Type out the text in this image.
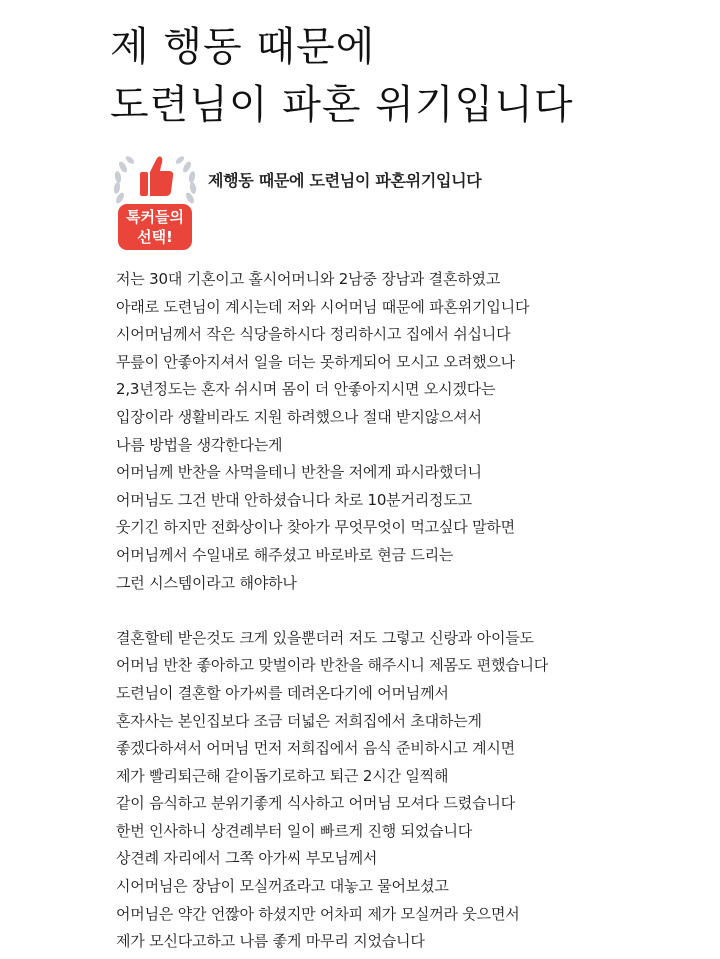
제 행동 때문에
도련님이 파혼 위기입니다
톡커들의
선택!
제행동 때문에 도련님이 파혼위기입니다
저는 30대 기혼이고 홀시어머니와 2남중 장남과 결혼하였고
아래로 도련님이 계시는데 저와 시어머님 때문에 파혼위기입니다
시어머님께서 작은 식당을하시다 정리하시고 집에서 쉬십니다
무릎이 안좋아지셔서 일을 더는 못하게되어 모시고 오려했으나
2,3년정도는 혼자 쉬시며 몸이 더 안좋아지시면 오시겠다는
입장이라 생활비라도 지원 하려했으나 절대 받지않으셔서
나름 방법을 생각한다는게
어머님께 반찬을 사먹을테니 반찬을 저에게 파시라했더니
어머님도 그건 반대 안하셨습니다 차로 10분거리정도고
웃기긴 하지만 전화상이나 찾아가 무엇무엇이 먹고싶다 말하면
어머님께서 수일내로 해주셨고 바로바로 현금 드리는
그런 시스템이라고 해야하나
결혼할테 받은것도 크게 있을뿐더러 저도 그렇고 신랑과 아이들도
어머님 반찬 좋아하고 맞벌이라 반찬을 해주시니 제몸도 편했습니다
도련님이 결혼할 아가씨를 데려온다기에 어머님께서
혼자사는 본인집보다 조금 더넓은 저희집에서 초대하는게
좋겠다하셔서 어머님 먼저 저희집에서 음식 준비하시고 계시면
제가 빨리퇴근해 같이돕기로하고 퇴근 2시간 일찍해
같이 음식하고 분위기좋게 식사하고 어머님 모셔다 드렸습니다
한번 인사하니 상견례부터 일이 빠르게 진행 되었습니다
상견례 자리에서 그쪽 아가씨 부모님께서
시어머님은 장남이 모실꺼죠라고 대놓고 물어보셨고
어머님은 약간 언짢아 하셨지만 어차피 제가 모실꺼라 웃으면서
제가 모신다고하고 나름 좋게 마무리 지었습니다
